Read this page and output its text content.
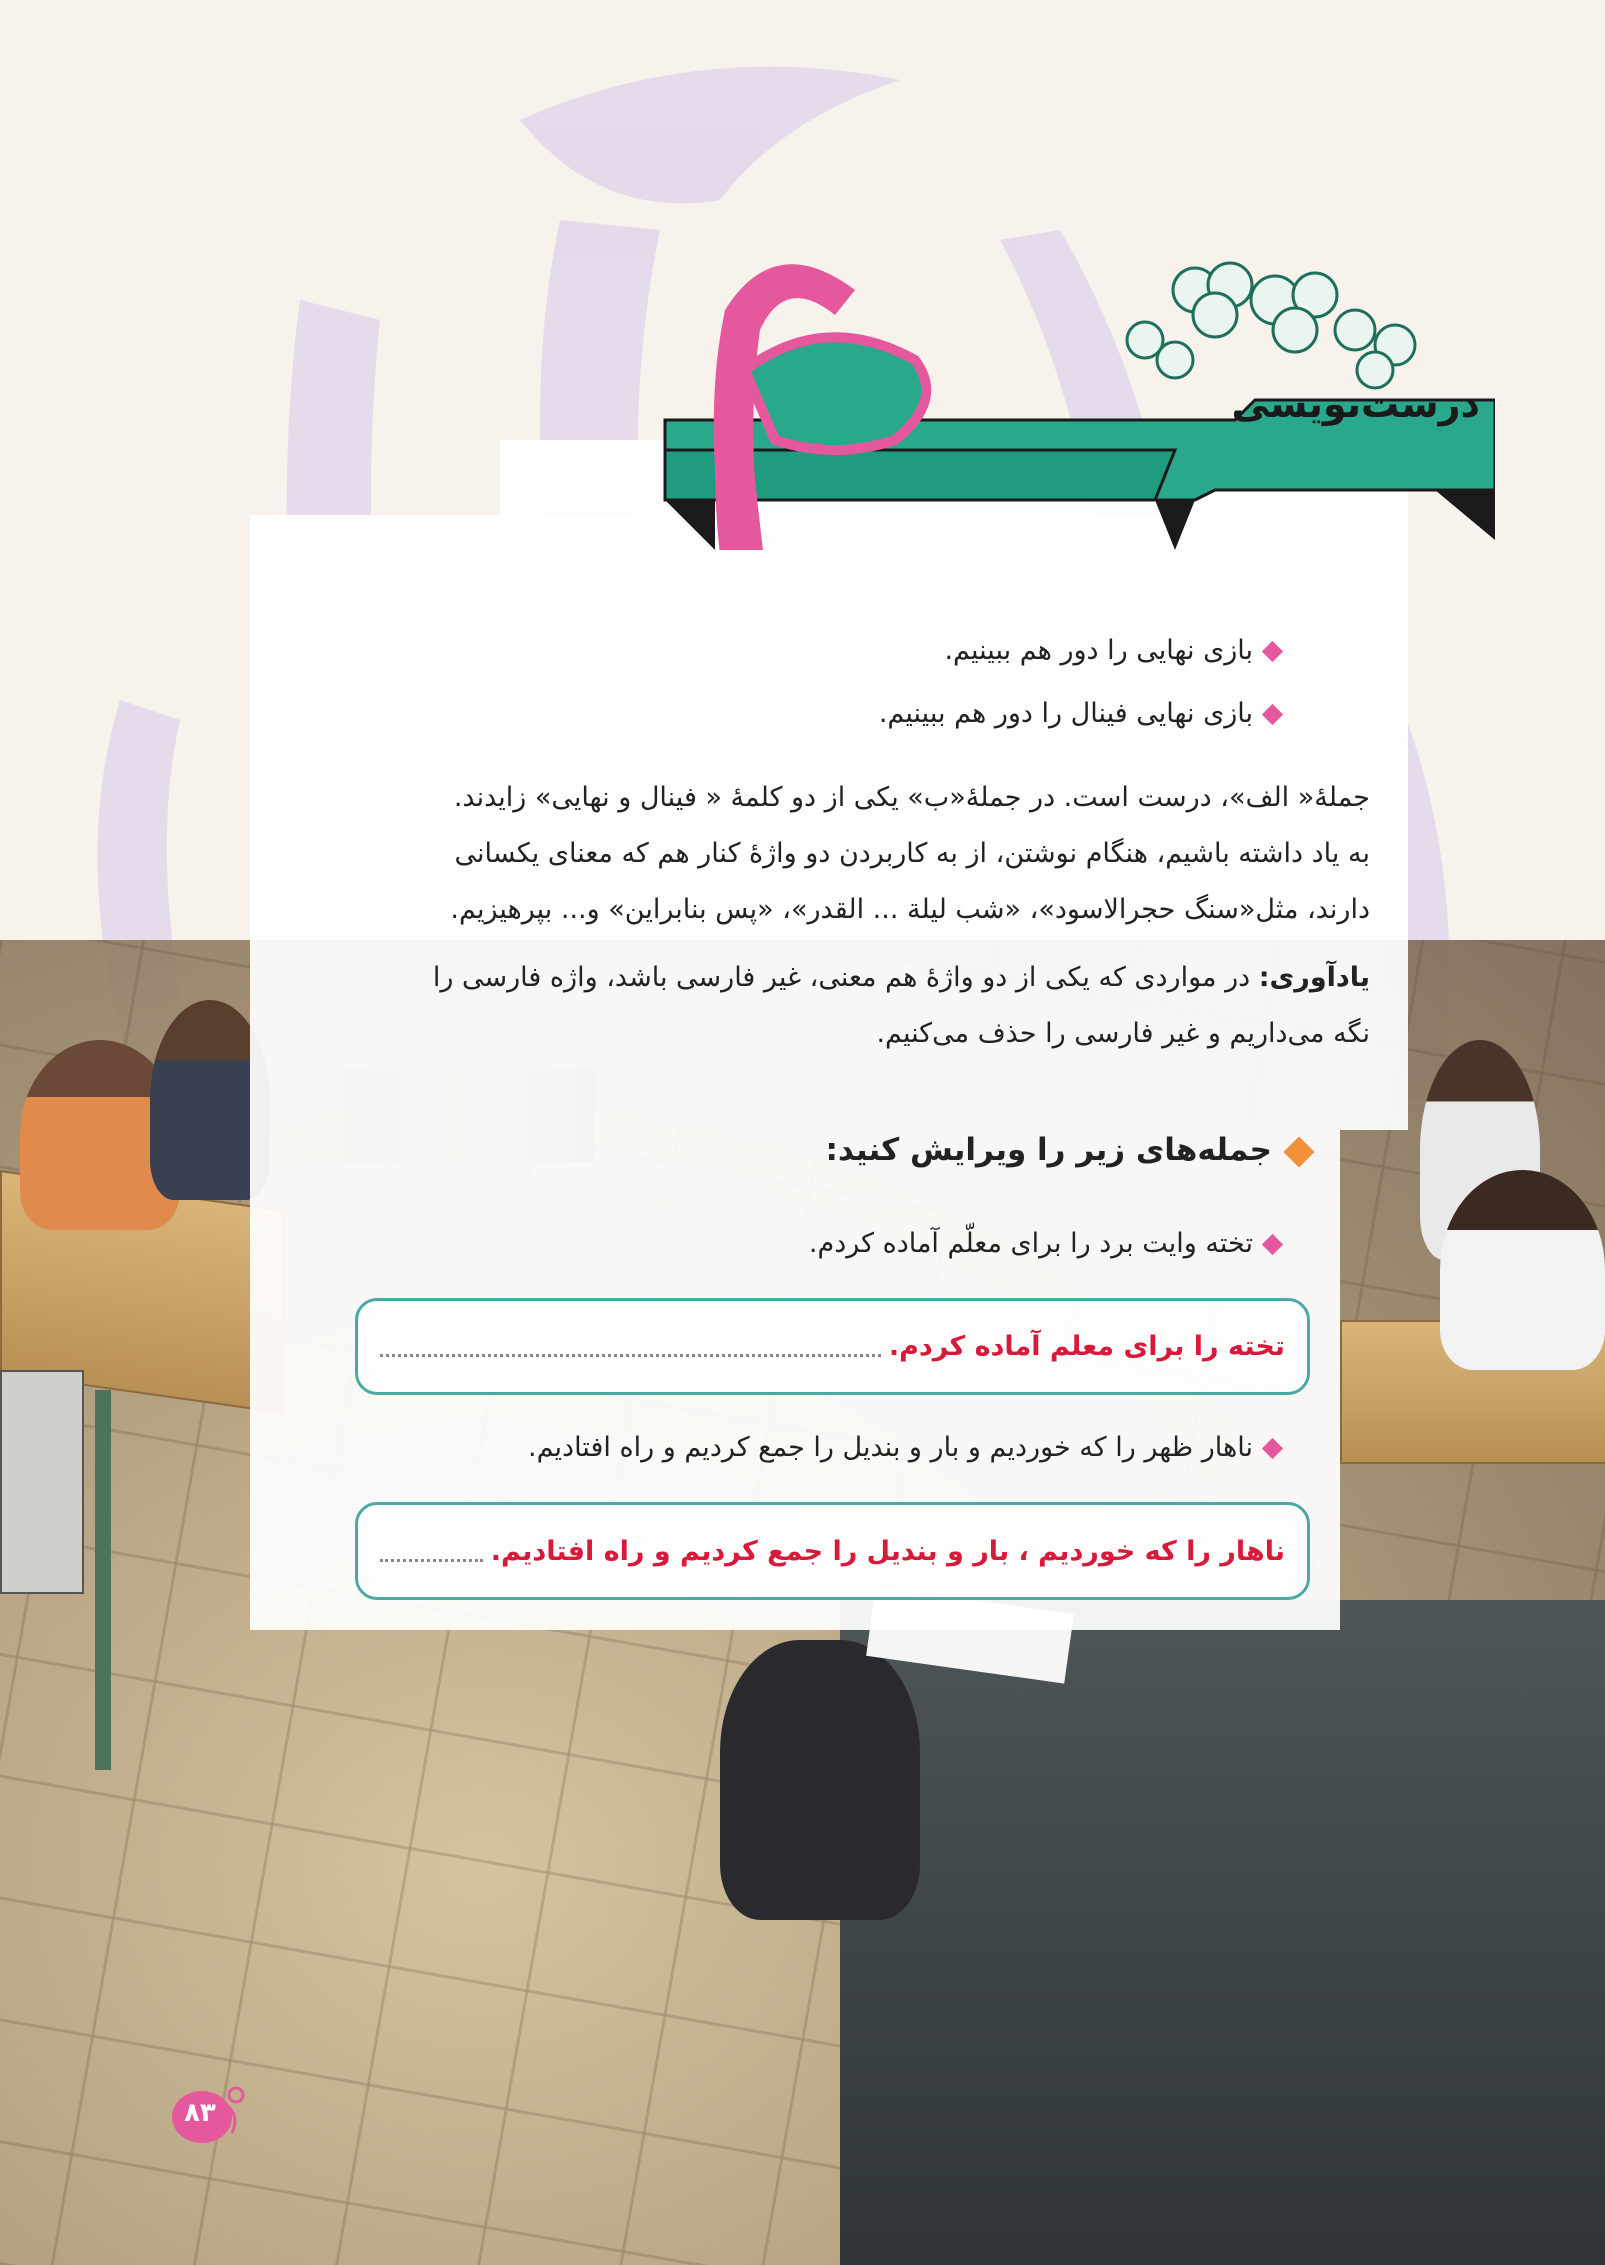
درست‌نویسی
بازی نهایی را دور هم ببینیم.
بازی نهایی فینال را دور هم ببینیم.

جملۀ« الف»، درست است. در جملۀ«ب» یکی از دو کلمۀ « فینال و نهایی» زایدند.

به یاد داشته باشیم، هنگام نوشتن، از به کاربردن دو واژۀ کنار هم که معنای یکسانی

دارند، مثل«سنگ حجرالاسود»، «شب لیلة ... القدر»، «پس بنابراین» و... بپرهیزیم.

یادآوری: در مواردی که یکی از دو واژۀ هم معنی، غیر فارسی باشد، واژه فارسی را

نگه می‌داریم و غیر فارسی را حذف می‌کنیم.

جمله‌های زیر را ویرایش کنید:
تخته وایت برد را برای معلّم آماده کردم.
تخته را برای معلم آماده کردم.
ناهار ظهر را که خوردیم و بار و بندیل را جمع کردیم و راه افتادیم.
ناهار را که خوردیم ، بار و بندیل را جمع کردیم و راه افتادیم.
۸۳
